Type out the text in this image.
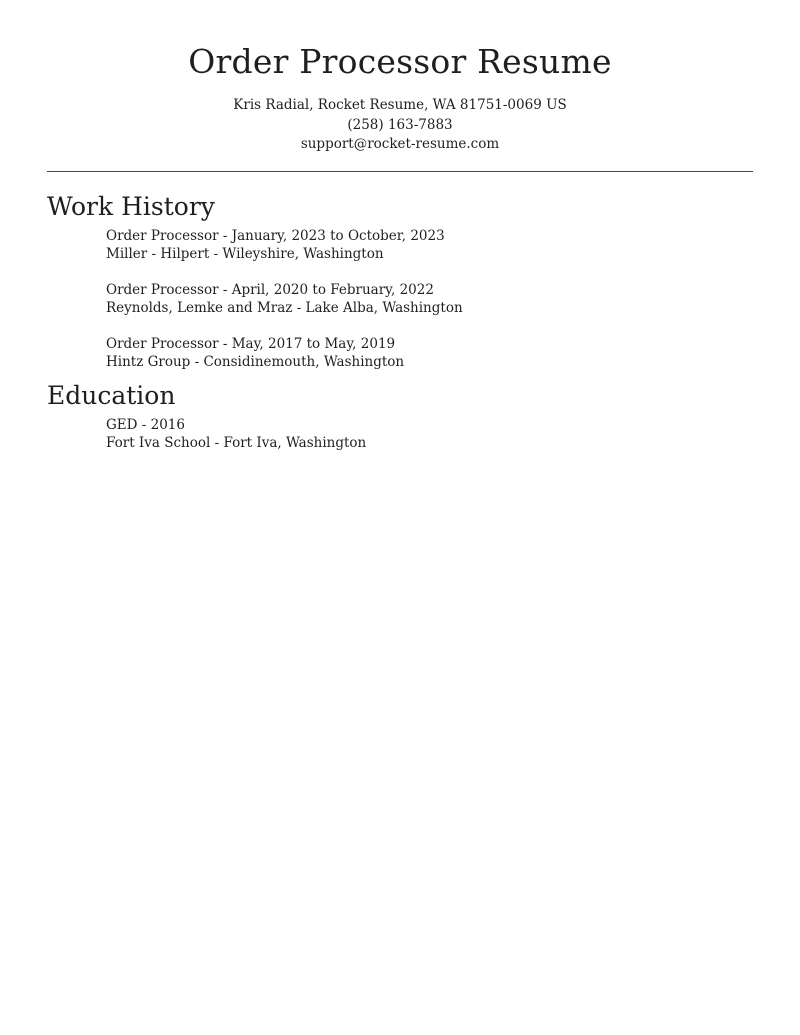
Order Processor Resume
Kris Radial, Rocket Resume, WA 81751-0069 US
(258) 163-7883
support@rocket-resume.com
Work History
Order Processor - January, 2023 to October, 2023
Miller - Hilpert - Wileyshire, Washington
Order Processor - April, 2020 to February, 2022
Reynolds, Lemke and Mraz - Lake Alba, Washington
Order Processor - May, 2017 to May, 2019
Hintz Group - Considinemouth, Washington
Education
GED - 2016
Fort Iva School - Fort Iva, Washington
